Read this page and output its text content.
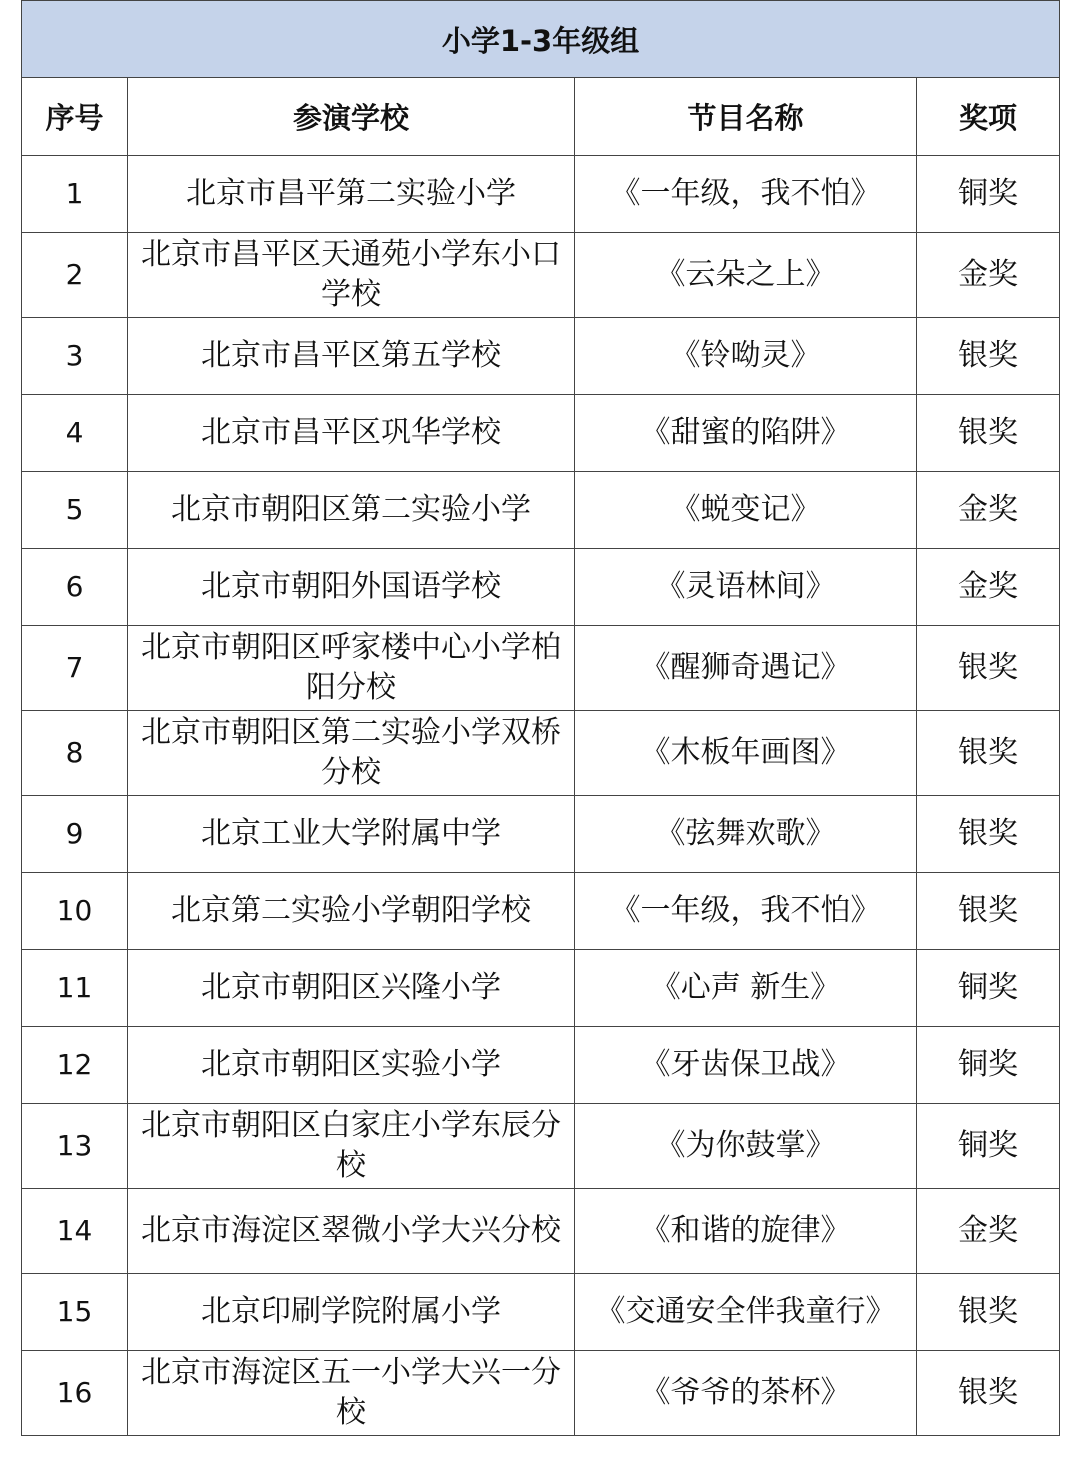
小学1-3年级组			
序号	参演学校	节目名称	奖项
1	北京市昌平第二实验小学	《一年级，我不怕》	铜奖
2	北京市昌平区天通苑小学东小口学校	《云朵之上》	金奖
3	北京市昌平区第五学校	《铃呦灵》	银奖
4	北京市昌平区巩华学校	《甜蜜的陷阱》	银奖
5	北京市朝阳区第二实验小学	《蜕变记》	金奖
6	北京市朝阳外国语学校	《灵语林间》	金奖
7	北京市朝阳区呼家楼中心小学柏阳分校	《醒狮奇遇记》	银奖
8	北京市朝阳区第二实验小学双桥分校	《木板年画图》	银奖
9	北京工业大学附属中学	《弦舞欢歌》	银奖
10	北京第二实验小学朝阳学校	《一年级，我不怕》	银奖
11	北京市朝阳区兴隆小学	《心声 新生》	铜奖
12	北京市朝阳区实验小学	《牙齿保卫战》	铜奖
13	北京市朝阳区白家庄小学东辰分校	《为你鼓掌》	铜奖
14	北京市海淀区翠微小学大兴分校	《和谐的旋律》	金奖
15	北京印刷学院附属小学	《交通安全伴我童行》	银奖
16	北京市海淀区五一小学大兴一分校	《爷爷的茶杯》	银奖
